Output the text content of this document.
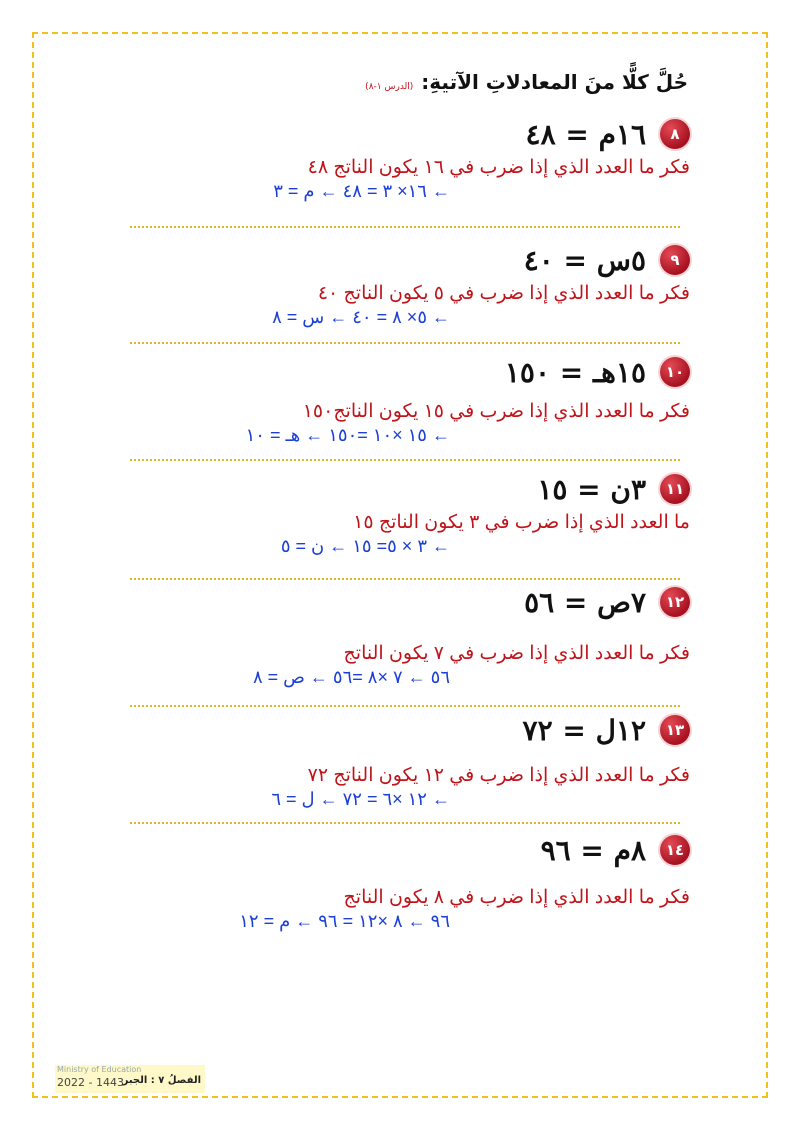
حُلَّ كلًّا منَ المعادلاتِ الآتيةِ:
(الدرس ١-٨)
٨
١٦م = ٤٨
فكر ما العدد الذي إذا ضرب في ١٦ يكون الناتج ٤٨
← ١٦× ٣ = ٤٨ ← م = ٣
٩
٥س = ٤٠
فكر ما العدد الذي إذا ضرب في ٥ يكون الناتج ٤٠
← ٥× ٨ = ٤٠ ← س = ٨
١٠
١٥هـ = ١٥٠
فكر ما العدد الذي إذا ضرب في ١٥ يكون الناتج١٥٠
← ١٥ ×١٠ =١٥٠ ← هـ = ١٠
١١
٣ن = ١٥
ما العدد الذي إذا ضرب في ٣ يكون الناتج ١٥
← ٣ × ٥= ١٥ ← ن = ٥
١٢
٧ص = ٥٦
فكر ما العدد الذي إذا ضرب في ٧ يكون الناتج
٥٦ ← ٧ ×٨ =٥٦ ← ص = ٨
١٣
١٢ل = ٧٢
فكر ما العدد الذي إذا ضرب في ١٢ يكون الناتج ٧٢
← ١٢ ×٦ = ٧٢ ← ل = ٦
١٤
٨م = ٩٦
فكر ما العدد الذي إذا ضرب في ٨ يكون الناتج
٩٦ ← ٨ ×١٢ = ٩٦ ← م = ١٢
Ministry of Education
2022 - 1443
الفصلُ ٧ : الجبر
